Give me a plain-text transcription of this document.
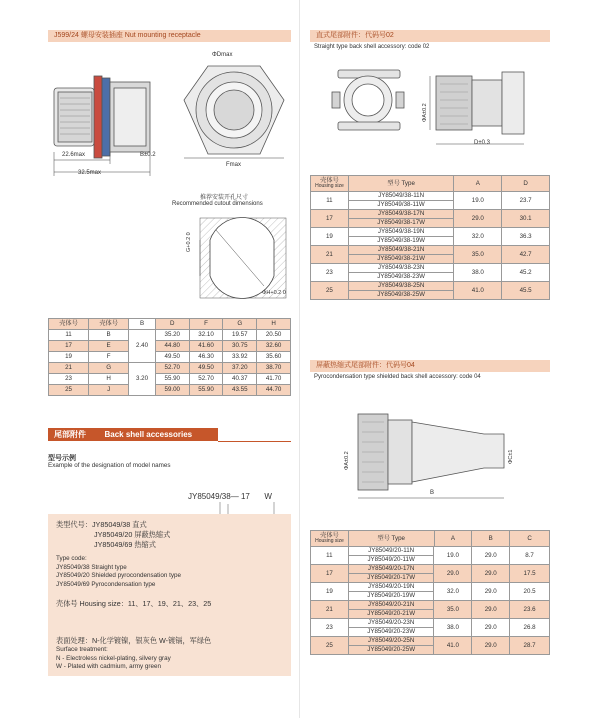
J599/24 螺母安装插座 Nut mounting receptacle
22.6max
32.5max
B±0.2
ΦDmax
Fmax
推荐安装开孔尺寸
Recommended cutout dimensions
G+0.2 0
ΦH+0.2 0
壳体号	壳体号	B	D	F	G	H
11	B	2.40	35.20	32.10	19.57	20.50
17	E		44.80	41.60	30.75	32.60
19	F		49.50	46.30	33.92	35.60
21	G	3.20	52.70	49.50	37.20	38.70
23	H		55.90	52.70	40.37	41.70
25	J		59.00	55.90	43.55	44.70
尾部附件 Back shell accessories
型号示例
Example of the designation of model names
JY85049/38— 17 W
类型代号：JY85049/38 直式
JY85049/20 屏蔽热缩式
JY85049/69 热缩式
Type code:
JY85049/38 Straight type
JY85049/20 Shielded pyrocondensation type
JY85049/69 Pyrocondensation type
壳体号 Housing size：11、17、19、21、23、25
表面处理：N-化学镀镍，银灰色 W-镀镉，军绿色
Surface treatment:
N - Electroless nickel-plating, silvery gray
W - Plated with cadmium, army green
直式尾部附件：代码号02
Straight type back shell accessory: code 02
ΦA±0.2
D±0.3
壳体号
Housing size	型号 Type	A	D
11	JY85049/38-11N	19.0	23.7
	JY85049/38-11W		
17	JY85049/38-17N	29.0	30.1
	JY85049/38-17W		
19	JY85049/38-19N	32.0	36.3
	JY85049/38-19W		
21	JY85049/38-21N	35.0	42.7
	JY85049/38-21W		
23	JY85049/38-23N	38.0	45.2
	JY85049/38-23W		
25	JY85049/38-25N	41.0	45.5
	JY85049/38-25W		
屏蔽热缩式尾部附件：代码号04
Pyrocondensation type shielded back shell accessory: code 04
ΦA±0.2	ΦC±1
B
壳体号
Housing size	型号 Type	A	B	C
11	JY85049/20-11N	19.0	29.0	8.7
	JY85049/20-11W			
17	JY85049/20-17N	29.0	29.0	17.5
	JY85049/20-17W			
19	JY85049/20-19N	32.0	29.0	20.5
	JY85049/20-19W			
21	JY85049/20-21N	35.0	29.0	23.6
	JY85049/20-21W			
23	JY85049/20-23N	38.0	29.0	26.8
	JY85049/20-23W			
25	JY85049/20-25N	41.0	29.0	28.7
	JY85049/20-25W			
